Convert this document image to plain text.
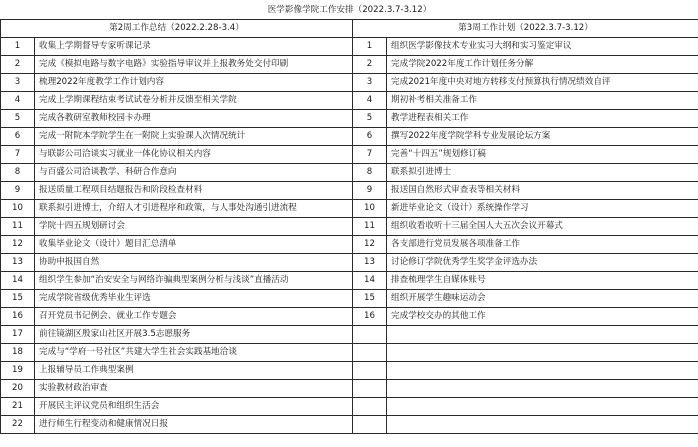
医学影像学院工作安排（2022.3.7-3.12）			
第2周工作总结（2022.2.28-3.4）		第3周工作计划（2022.3.7-3.12）	
1	收集上学期督导专家听课记录	1	组织医学影像技术专业实习大纲和实习鉴定审议
2	完成《模拟电路与数字电路》实验指导审议并上报教务处交付印刷	2	完成学院2022年度工作计划任务分解
3	梳理2022年度教学工作计划内容	3	完成2021年度中央对地方转移支付预算执行情况绩效自评
4	完成上学期课程结束考试试卷分析并反馈至相关学院	4	期初补考相关准备工作
5	完成各教研室教师校园卡办理	5	教学进程表相关工作
6	完成一附院本学院学生在一附院上实验课人次情况统计	6	撰写2022年度学院学科专业发展论坛方案
7	与联影公司洽谈实习就业一体化协议相关内容	7	完善“十四五”规划修订稿
8	与百盛公司洽谈教学、科研合作意向	8	联系拟引进博士
9	报送质量工程项目结题报告和阶段检查材料	9	报送国自然形式审查表等相关材料
10	联系拟引进博士，介绍人才引进程序和政策，与人事处沟通引进流程	10	新进毕业论文（设计）系统操作学习
11	学院十四五规划研讨会	11	组织收看收听十三届全国人大五次会议开幕式
12	收集毕业论文（设计）题目汇总清单	12	各支部进行党员发展各项准备工作
13	协助申报国自然	13	讨论修订学院优秀学生奖学金评选办法
14	组织学生参加“治安安全与网络诈骗典型案例分析与浅谈”直播活动	14	排查梳理学生自媒体账号
15	完成学院省级优秀毕业生评选	15	组织开展学生趣味运动会
16	召开党员书记例会、就业工作专题会	16	完成学校交办的其他工作
17	前往镜湖区殷家山社区开展3.5志愿服务		
18	完成与“学府一号社区”共建大学生社会实践基地洽谈		
19	上报辅导员工作典型案例		
20	实验教材政治审查		
21	开展民主评议党员和组织生活会		
22	进行师生行程变动和健康情况日报		
